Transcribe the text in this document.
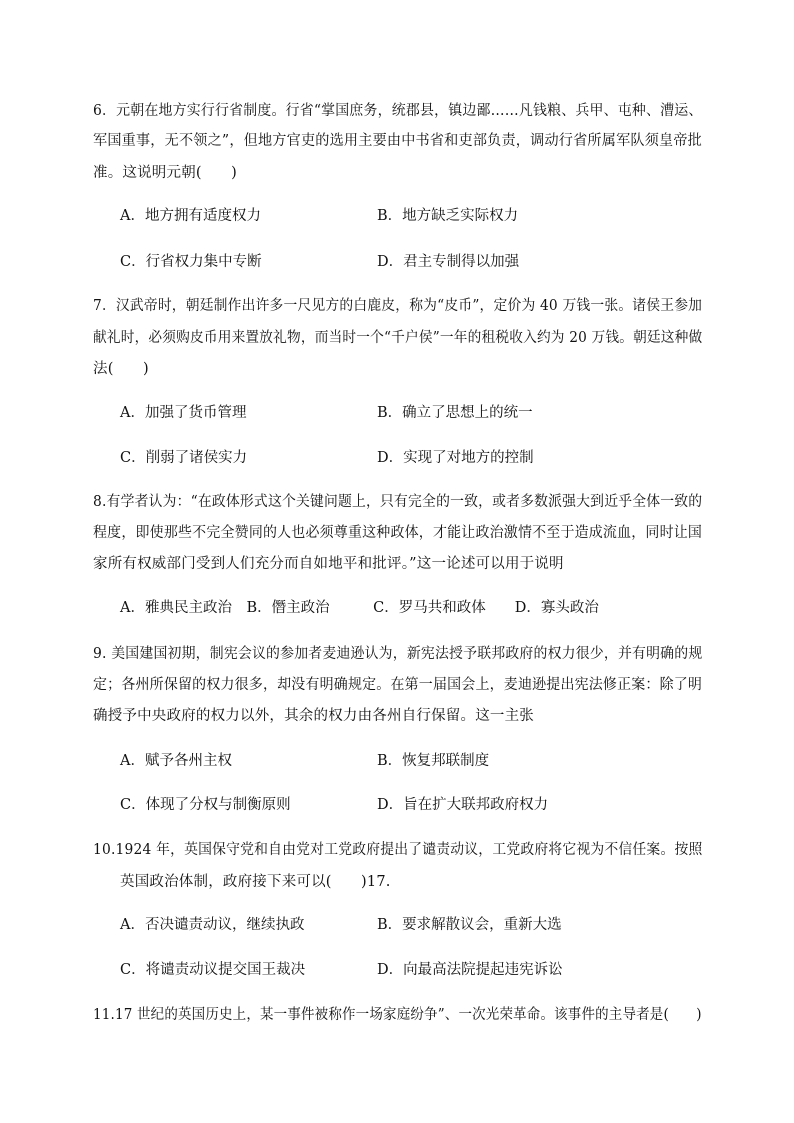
6．元朝在地方实行行省制度。行省“掌国庶务，统郡县，镇边鄙……凡钱粮、兵甲、屯种、漕运、
军国重事，无不领之”，但地方官吏的选用主要由中书省和吏部负责，调动行省所属军队须皇帝批
准。这说明元朝(　　)
A．地方拥有适度权力	B．地方缺乏实际权力
C．行省权力集中专断	D．君主专制得以加强
7．汉武帝时，朝廷制作出许多一尺见方的白鹿皮，称为“皮币”，定价为 40 万钱一张。诸侯王参加
献礼时，必须购皮币用来置放礼物，而当时一个“千户侯”一年的租税收入约为 20 万钱。朝廷这种做
法(　　)
A．加强了货币管理	B．确立了思想上的统一
C．削弱了诸侯实力	D．实现了对地方的控制
8.有学者认为：“在政体形式这个关键问题上，只有完全的一致，或者多数派强大到近乎全体一致的
程度，即使那些不完全赞同的人也必须尊重这种政体，才能让政治激情不至于造成流血，同时让国
家所有权威部门受到人们充分而自如地平和批评。”这一论述可以用于说明
A．雅典民主政治　B．僭主政治　　　C．罗马共和政体　　D．寡头政治
9. 美国建国初期，制宪会议的参加者麦迪逊认为，新宪法授予联邦政府的权力很少，并有明确的规
定；各州所保留的权力很多，却没有明确规定。在第一届国会上，麦迪逊提出宪法修正案：除了明
确授予中央政府的权力以外，其余的权力由各州自行保留。这一主张
A．赋予各州主权	B．恢复邦联制度
C．体现了分权与制衡原则	D．旨在扩大联邦政府权力
10.1924 年，英国保守党和自由党对工党政府提出了谴责动议，工党政府将它视为不信任案。按照
英国政治体制，政府接下来可以(　　)17.
A．否决谴责动议，继续执政	B．要求解散议会，重新大选
C．将谴责动议提交国王裁决	D．向最高法院提起违宪诉讼
11.17 世纪的英国历史上，某一事件被称作一场家庭纷争”、一次光荣革命。该事件的主导者是(　　)
